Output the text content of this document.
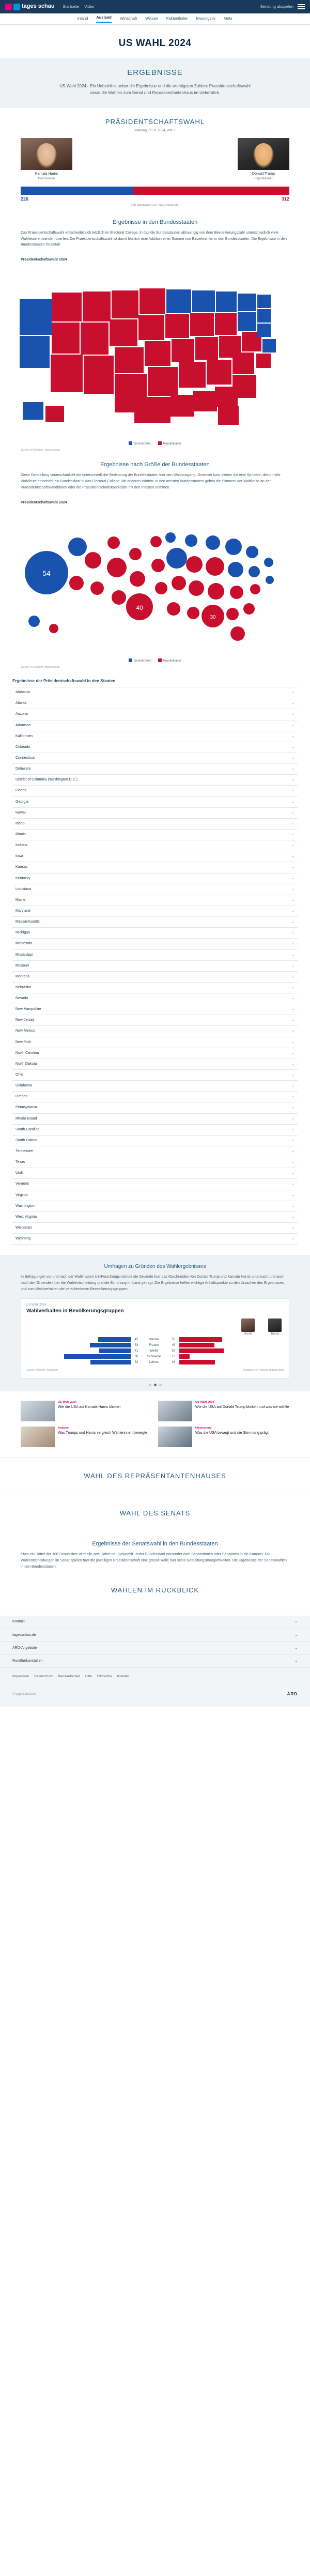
tages schau Startseite Video	Sendung abspielen
Inland Ausland Wirtschaft Wissen Faktenfinder Investigativ Mehr
US WAHL 2024
ERGEBNISSE
US-Wahl 2024 - Ein Ueberblick ueber die Ergebnisse und die wichtigsten Zahlen: Praesidentschaftswahl sowie die Wahlen zum Senat und Repraesentantenhaus im Ueberblick.
PRÄSIDENTSCHAFTSWAHL
Wahltag: 05.11.2024, 48h +
Kamala Harris
Demokraten
Donald Trump
Republikaner
226	312
270 Wahlleute zum Sieg notwendig
Ergebnisse in den Bundesstaaten

Das Praesidentschaftswahl entscheidet sich letztlich im Electoral College. In das die Bundesstaaten abhaengig von ihrer Bevoelkerungszahl unterschiedlich viele Wahlleute entsenden duerfen. Die Praesidentschaftswahl ist damit letztlich eine Addition einer Summe von Einzelwahlen in den Bundesstaaten. Die Ergebnisse in den Bundesstaaten im Detail.

Präsidentschaftswahl 2024
Demokraten	Republikaner
Quelle: AP/Edison, tagesschau
Ergebnisse nach Größe der Bundesstaaten

Diese Darstellung veranschaulicht die unterschiedliche Bedeutung der Bundesstaaten fuer den Wahlausgang. Groesser bzw. kleiner die eine Sphaere, desto mehr Wahlleute entsendet ein Bundesstaat in das Electoral College. Mit anderen Worten: In den meisten Bundesstaaten geben die Stimmen der Wahlleute an den Praesidentschaftskandidaten oder die Praesidentschaftskandidatin mit den meisten Stimmen.

Präsidentschaftswahl 2024
54
40
30
Demokraten	Republikaner
Quelle: AP/Edison, tagesschau
Ergebnisse der Präsidentschaftswahl in den Staaten
Alabama	⌄
Alaska	⌄
Arizona	⌄
Arkansas	⌄
Kalifornien	⌄
Colorado	⌄
Connecticut	⌄
Delaware	⌄
District of Columbia (Washington D.C.)	⌄
Florida	⌄
Georgia	⌄
Hawaii	⌄
Idaho	⌄
Illinois	⌄
Indiana	⌄
Iowa	⌄
Kansas	⌄
Kentucky	⌄
Louisiana	⌄
Maine	⌄
Maryland	⌄
Massachusetts	⌄
Michigan	⌄
Minnesota	⌄
Mississippi	⌄
Missouri	⌄
Montana	⌄
Nebraska	⌄
Nevada	⌄
New Hampshire	⌄
New Jersey	⌄
New Mexico	⌄
New York	⌄
North Carolina	⌄
North Dakota	⌄
Ohio	⌄
Oklahoma	⌄
Oregon	⌄
Pennsylvania	⌄
Rhode Island	⌄
South Carolina	⌄
South Dakota	⌄
Tennessee	⌄
Texas	⌄
Utah	⌄
Vermont	⌄
Virginia	⌄
Washington	⌄
West Virginia	⌄
Wisconsin	⌄
Wyoming	⌄
Umfragen zu Gründen des Wahlergebnisses

In Befragungen vor und nach der Wahl haben US-Forschungsinstitute die Gruende fuer das Abschneiden von Donald Trump und Kamala Harris untersucht und auch nach den Gruenden fuer die Wahlentscheidung und die Stimmung im Land gefragt. Die Ergebnisse helfen wichtige Anhaltspunkte zu den Ursachen des Ergebnisses und zum Wahlverhalten der verschiedenen Bevoelkerungsgruppen.

US Wahl 2024
Wahlverhalten in Bevölkerungsgruppen
Harris	Trump
42	Männer	55
53	Frauen	45
41	Weiße	57
86	Schwarze	13
52	Latinos	46
Quelle: Edison Research	Angaben in Prozent, tagesschau
US-Wahl 2024
Wie die USA auf Kamala Harris blicken
US-Wahl 2024
Wie die USA auf Donald Trump blicken und was sie wählte
Analyse
Was Trumps und Harris vergleich Wählerinnen bewegte
Hintergrund
Was die USA bewegt und die Stimmung prägt
WAHL DES REPRÄSENTANTENHAUSES
WAHL DES SENATS
Ergebnisse der Senatswahl in den Bundesstaaten

Etwa ein Drittel der 100 Senatssitze wird alle zwei Jahre neu gewaehlt. Jeder Bundesstaat entsendet zwei Senatorinnen oder Senatoren in die Kammer. Die Wahlentscheidungen im Senat spielen fuer die jeweiligen Praesidentschaft eine grosse Rolle fuer seine Gestaltungsmoeglichkeiten. Die Ergebnisse der Senatswahlen in den Bundesstaaten.

WAHLEN IM RÜCKBLICK
Kontakt	⌄
tagesschau.de	⌄
ARD-Angebote	⌄
Rundfunkanstalten	⌄
Impressum Datenschutz Barrierefreiheit Hilfe Bildrechte Kontakt
© tagesschau.de	ARD
